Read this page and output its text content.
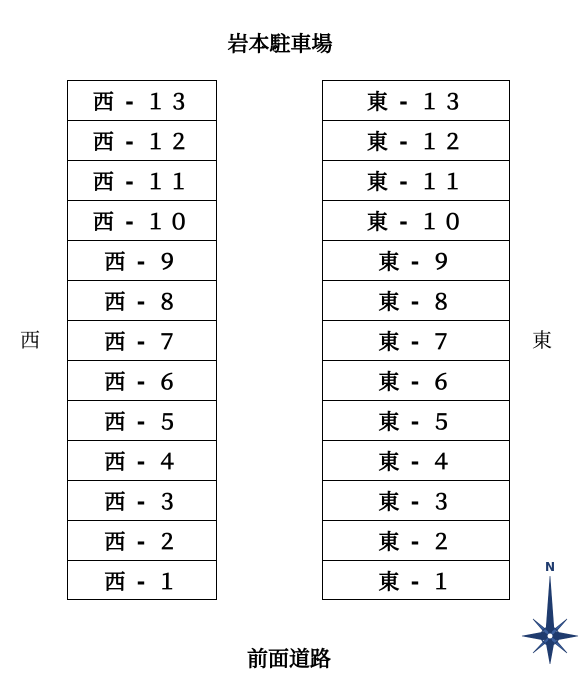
岩本駐車場
西	東
西 - １３
西 - １２
西 - １１
西 - １０
西 - ９
西 - ８
西 - ７
西 - ６
西 - ５
西 - ４
西 - ３
西 - ２
西 - １
東 - １３
東 - １２
東 - １１
東 - １０
東 - ９
東 - ８
東 - ７
東 - ６
東 - ５
東 - ４
東 - ３
東 - ２
東 - １
N
前面道路
